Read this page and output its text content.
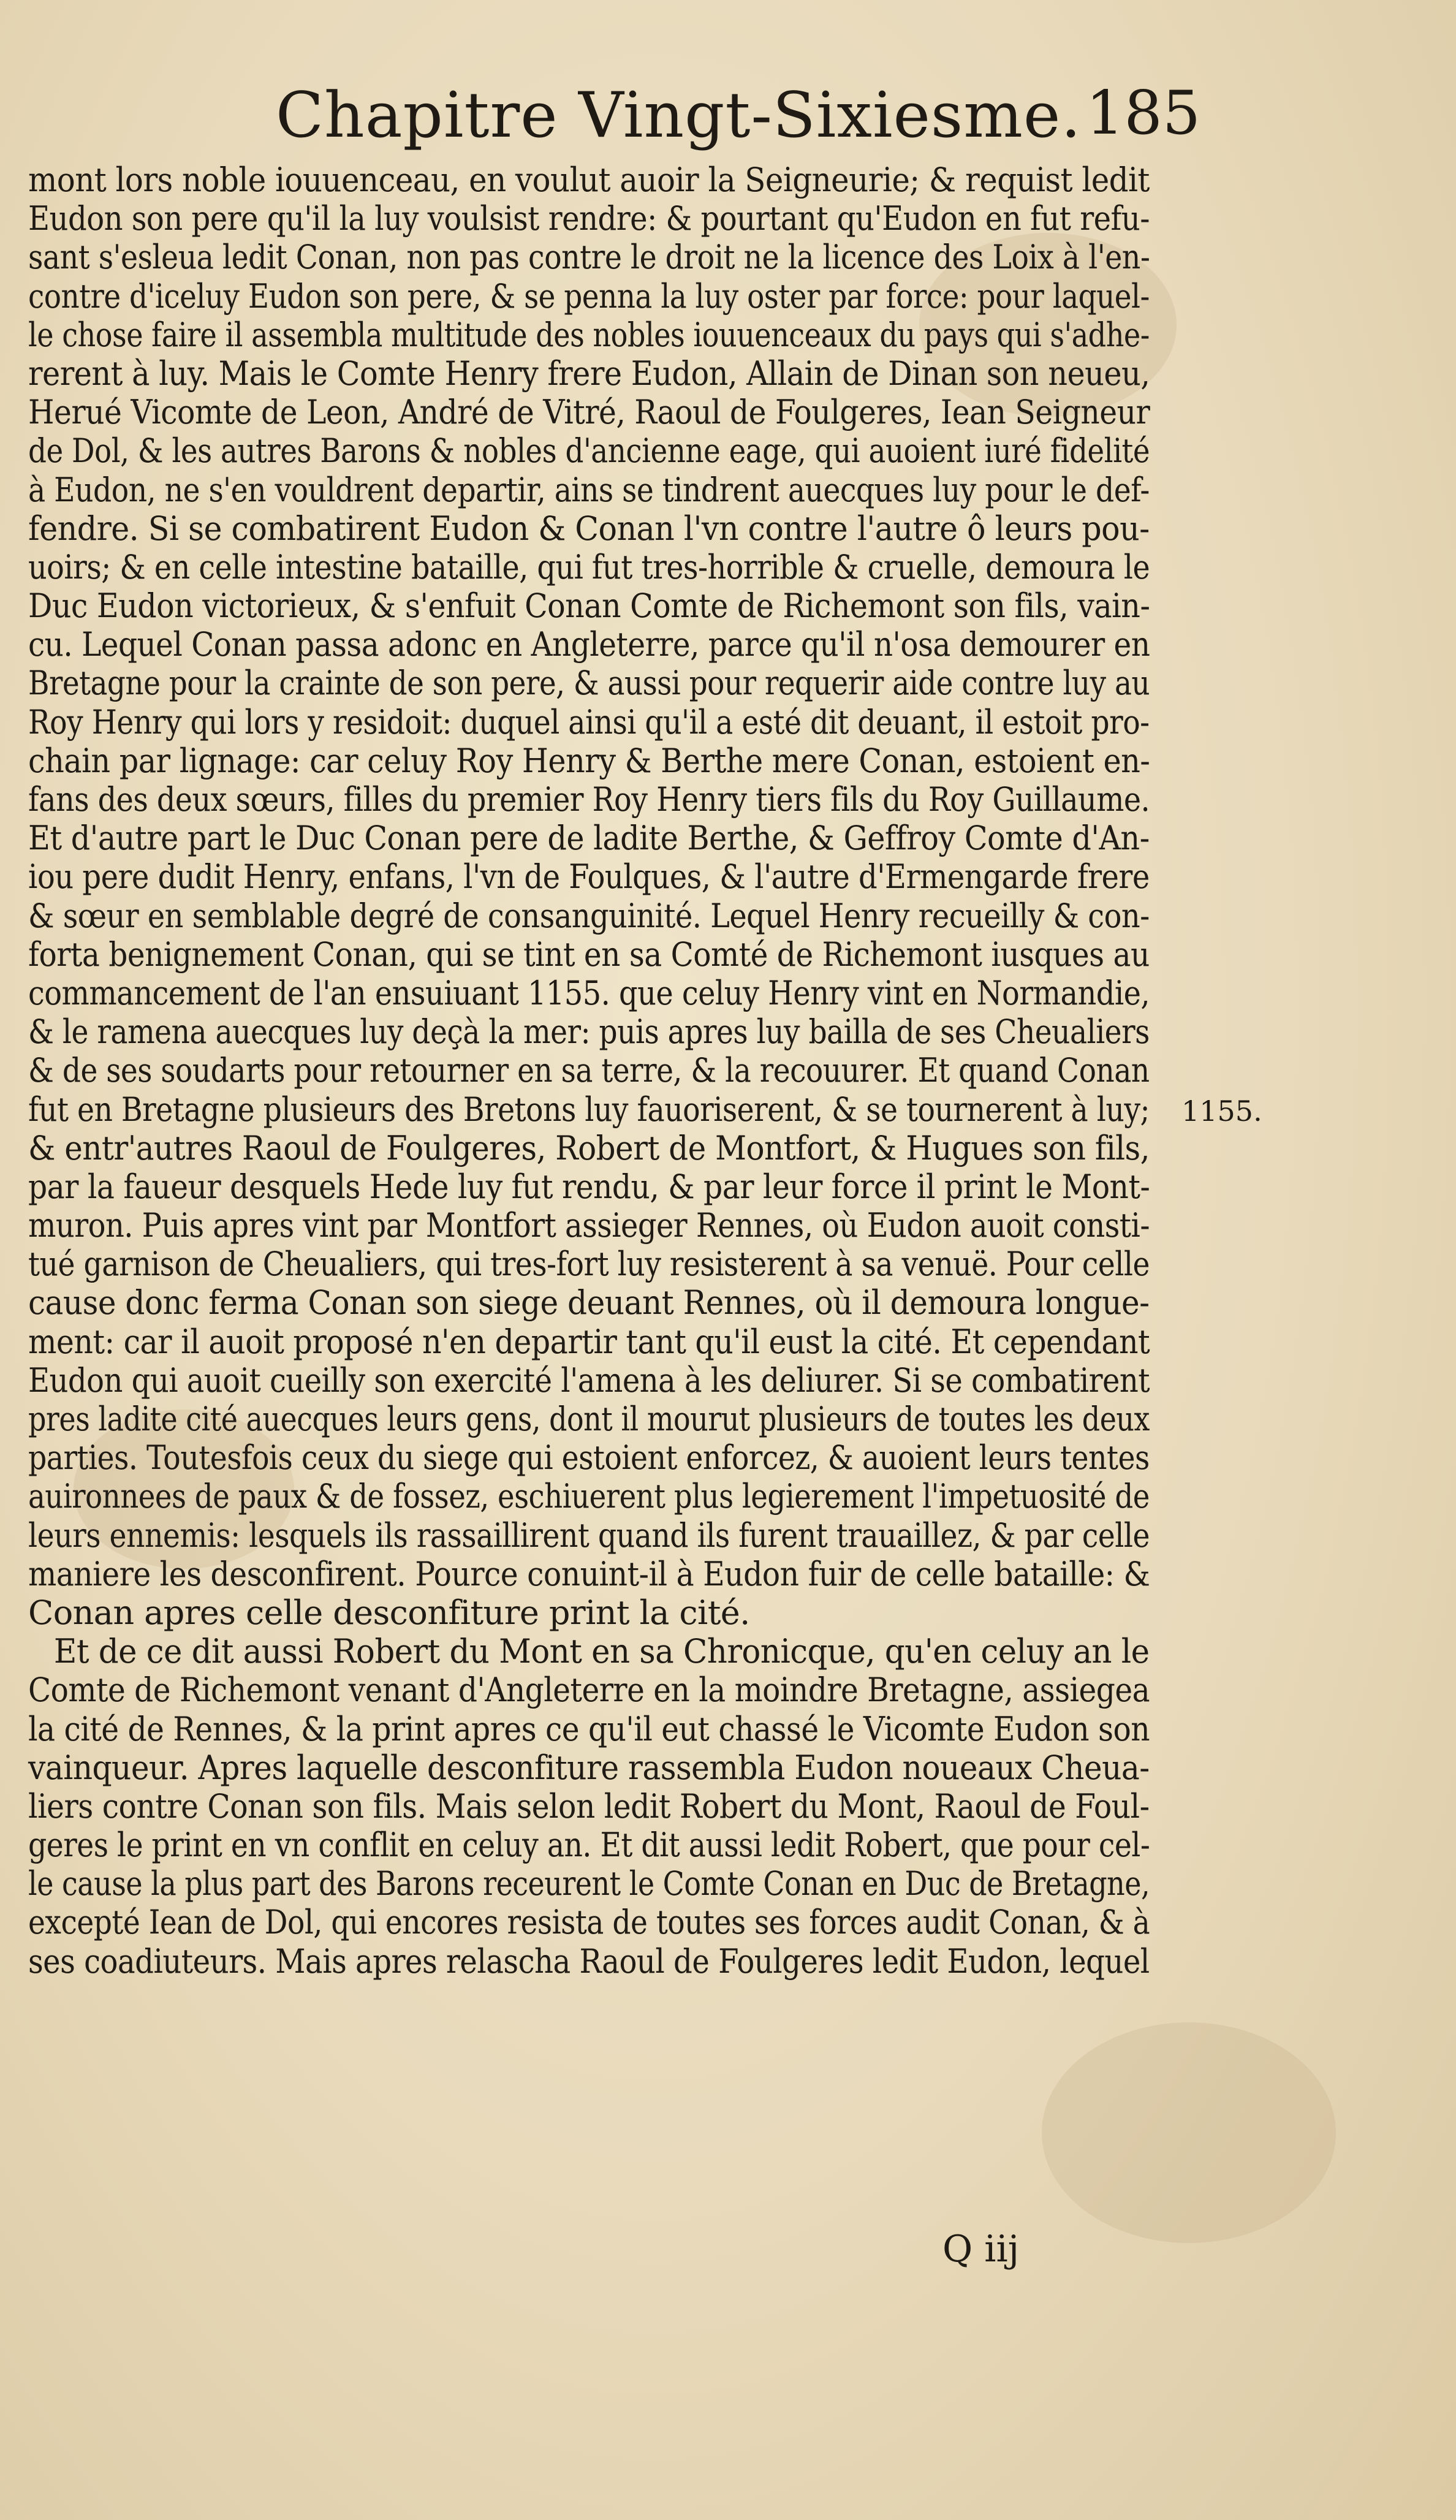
Chapitre Vingt-Sixiesme. 185
mont lors noble iouuenceau, en voulut auoir la Seigneurie; & requist ledit
Eudon son pere qu'il la luy voulsist rendre: & pourtant qu'Eudon en fut refu-
sant s'esleua ledit Conan, non pas contre le droit ne la licence des Loix à l'en-
contre d'iceluy Eudon son pere, & se penna la luy oster par force: pour laquel-
le chose faire il assembla multitude des nobles iouuenceaux du pays qui s'adhe-
rerent à luy. Mais le Comte Henry frere Eudon, Allain de Dinan son neueu,
Herué Vicomte de Leon, André de Vitré, Raoul de Foulgeres, Iean Seigneur
de Dol, & les autres Barons & nobles d'ancienne eage, qui auoient iuré fidelité
à Eudon, ne s'en vouldrent departir, ains se tindrent auecques luy pour le def-
fendre. Si se combatirent Eudon & Conan l'vn contre l'autre ô leurs pou-
uoirs; & en celle intestine bataille, qui fut tres-horrible & cruelle, demoura le
Duc Eudon victorieux, & s'enfuit Conan Comte de Richemont son fils, vain-
cu. Lequel Conan passa adonc en Angleterre, parce qu'il n'osa demourer en
Bretagne pour la crainte de son pere, & aussi pour requerir aide contre luy au
Roy Henry qui lors y residoit: duquel ainsi qu'il a esté dit deuant, il estoit pro-
chain par lignage: car celuy Roy Henry & Berthe mere Conan, estoient en-
fans des deux sœurs, filles du premier Roy Henry tiers fils du Roy Guillaume.
Et d'autre part le Duc Conan pere de ladite Berthe, & Geffroy Comte d'An-
iou pere dudit Henry, enfans, l'vn de Foulques, & l'autre d'Ermengarde frere
& sœur en semblable degré de consanguinité. Lequel Henry recueilly & con-
forta benignement Conan, qui se tint en sa Comté de Richemont iusques au
commancement de l'an ensuiuant 1155. que celuy Henry vint en Normandie,
& le ramena auecques luy deçà la mer: puis apres luy bailla de ses Cheualiers
& de ses soudarts pour retourner en sa terre, & la recouurer. Et quand Conan
fut en Bretagne plusieurs des Bretons luy fauoriserent, & se tournerent à luy;
& entr'autres Raoul de Foulgeres, Robert de Montfort, & Hugues son fils,
par la faueur desquels Hede luy fut rendu, & par leur force il print le Mont-
muron. Puis apres vint par Montfort assieger Rennes, où Eudon auoit consti-
tué garnison de Cheualiers, qui tres-fort luy resisterent à sa venuë. Pour celle
cause donc ferma Conan son siege deuant Rennes, où il demoura longue-
ment: car il auoit proposé n'en departir tant qu'il eust la cité. Et cependant
Eudon qui auoit cueilly son exercité l'amena à les deliurer. Si se combatirent
pres ladite cité auecques leurs gens, dont il mourut plusieurs de toutes les deux
parties. Toutesfois ceux du siege qui estoient enforcez, & auoient leurs tentes
auironnees de paux & de fossez, eschiuerent plus legierement l'impetuosité de
leurs ennemis: lesquels ils rassaillirent quand ils furent trauaillez, & par celle
maniere les desconfirent. Pource conuint-il à Eudon fuir de celle bataille: &
Conan apres celle desconfiture print la cité.
Et de ce dit aussi Robert du Mont en sa Chronicque, qu'en celuy an le
Comte de Richemont venant d'Angleterre en la moindre Bretagne, assiegea
la cité de Rennes, & la print apres ce qu'il eut chassé le Vicomte Eudon son
vainqueur. Apres laquelle desconfiture rassembla Eudon noueaux Cheua-
liers contre Conan son fils. Mais selon ledit Robert du Mont, Raoul de Foul-
geres le print en vn conflit en celuy an. Et dit aussi ledit Robert, que pour cel-
le cause la plus part des Barons receurent le Comte Conan en Duc de Bretagne,
excepté Iean de Dol, qui encores resista de toutes ses forces audit Conan, & à
ses coadiuteurs. Mais apres relascha Raoul de Foulgeres ledit Eudon, lequel
1155.
Q iij
